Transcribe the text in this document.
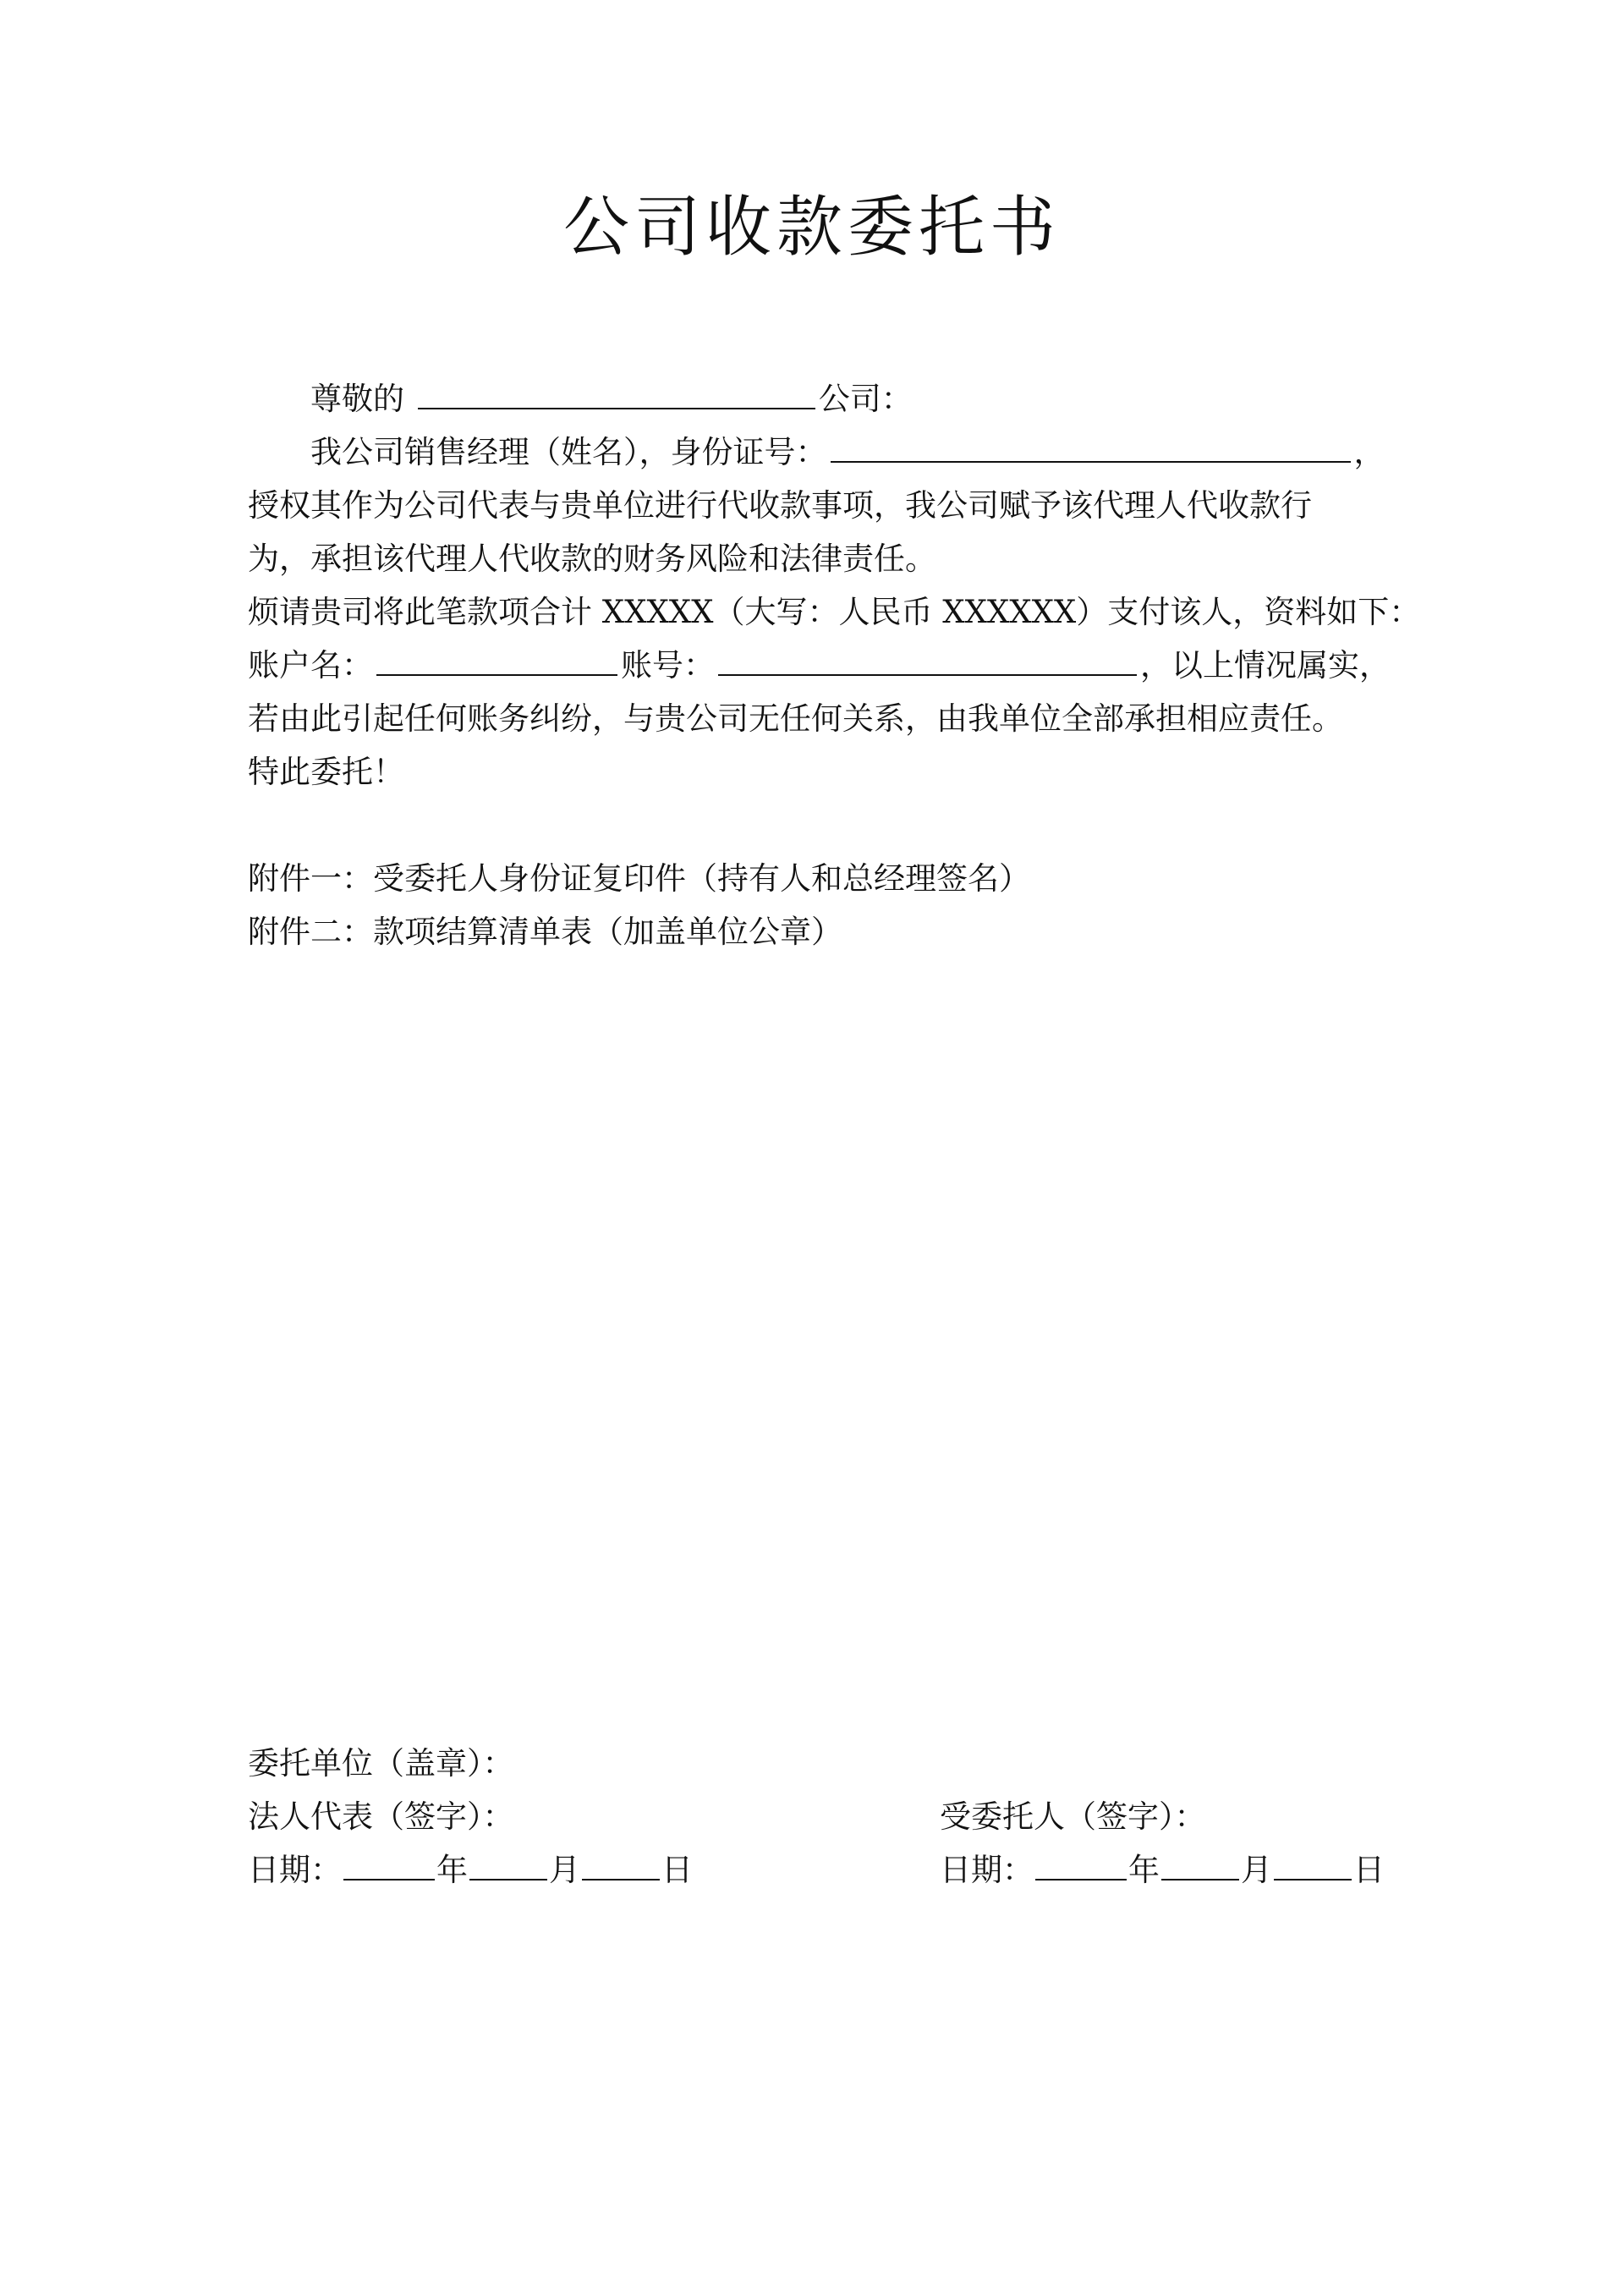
公司收款委托书
尊敬的	公司：
我公司销售经理（姓名），身份证号：	，
授权其作为公司代表与贵单位进行代收款事项，我公司赋予该代理人代收款行
为，承担该代理人代收款的财务风险和法律责任。
烦请贵司将此笔款项合计 XXXXX（大写：人民币 XXXXXX）支付该人，资料如下：
账户名：	账号：	，以上情况属实，
若由此引起任何账务纠纷，与贵公司无任何关系，由我单位全部承担相应责任。
特此委托！
附件一：受委托人身份证复印件（持有人和总经理签名）
附件二：款项结算清单表（加盖单位公章）
委托单位（盖章）：
法人代表（签字）：	受委托人（签字）：
日期：	年	月	日	日期：	年	月	日
